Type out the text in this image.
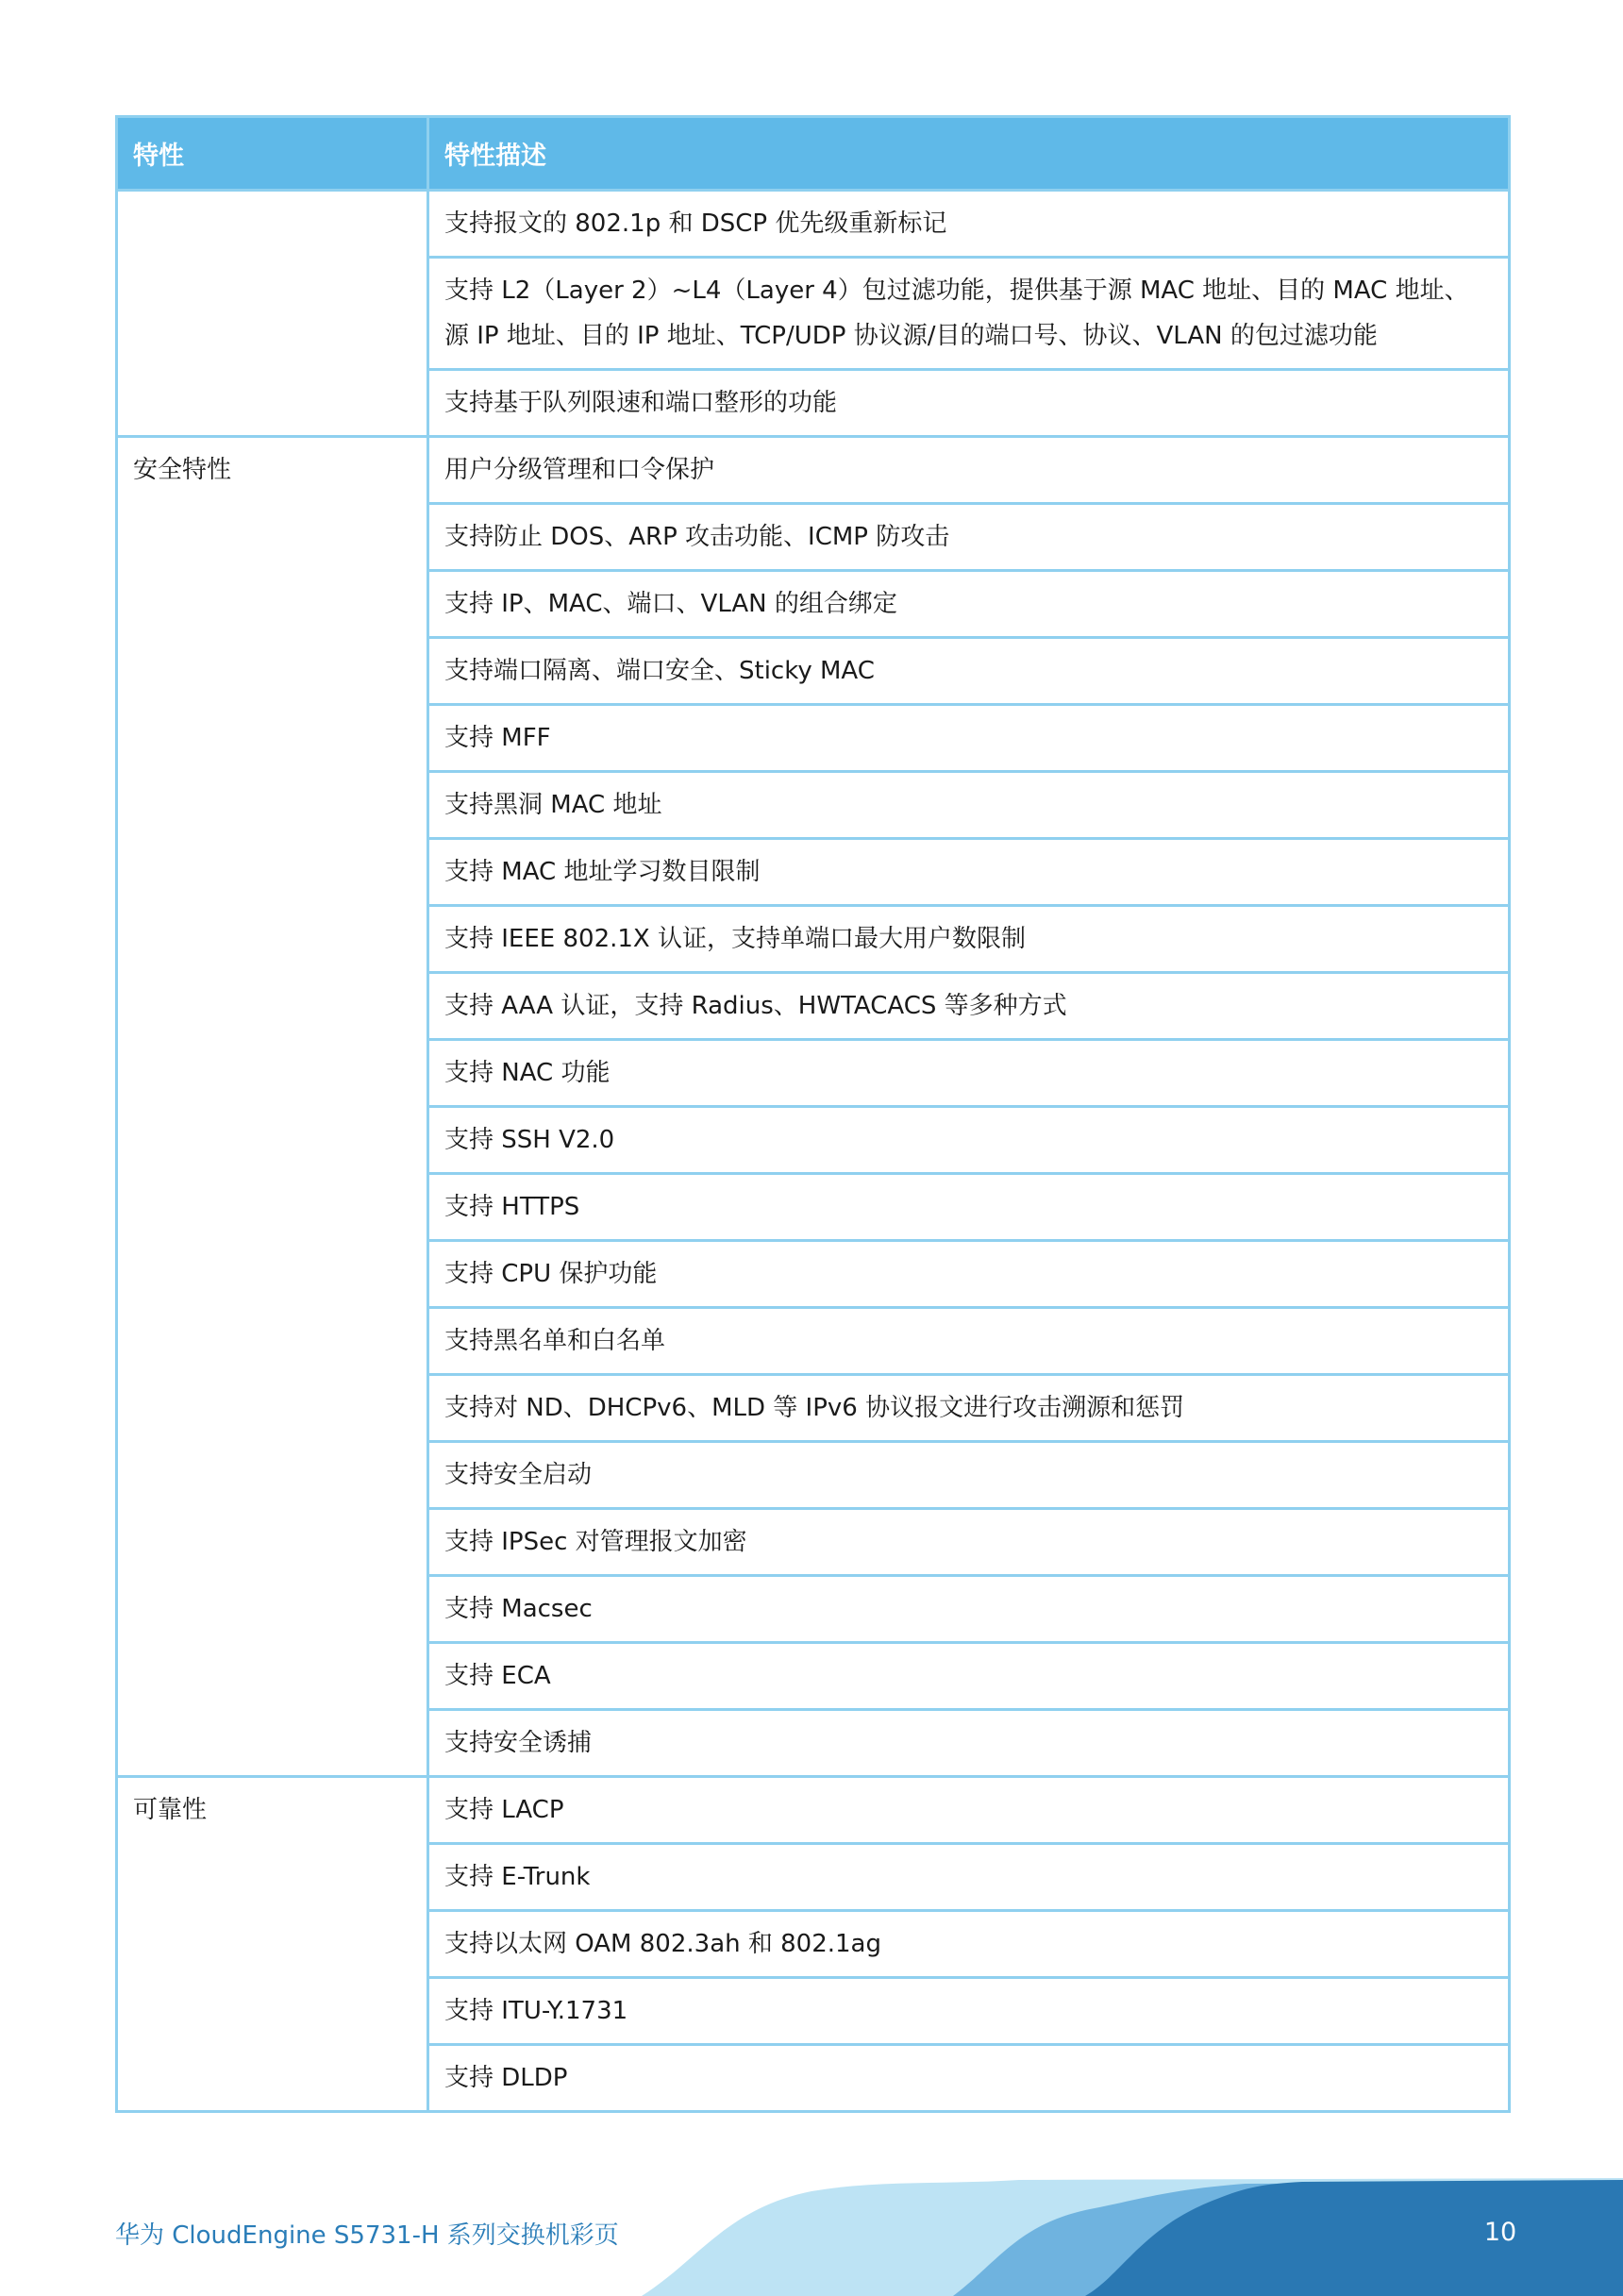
特性	特性描述
	支持报文的 802.1p 和 DSCP 优先级重新标记
	支持 L2（Layer 2）~L4（Layer 4）包过滤功能，提供基于源 MAC 地址、目的 MAC 地址、源 IP 地址、目的 IP 地址、TCP/UDP 协议源/目的端口号、协议、VLAN 的包过滤功能
	支持基于队列限速和端口整形的功能
安全特性	用户分级管理和口令保护
	支持防止 DOS、ARP 攻击功能、ICMP 防攻击
	支持 IP、MAC、端口、VLAN 的组合绑定
	支持端口隔离、端口安全、Sticky MAC
	支持 MFF
	支持黑洞 MAC 地址
	支持 MAC 地址学习数目限制
	支持 IEEE 802.1X 认证，支持单端口最大用户数限制
	支持 AAA 认证，支持 Radius、HWTACACS 等多种方式
	支持 NAC 功能
	支持 SSH V2.0
	支持 HTTPS
	支持 CPU 保护功能
	支持黑名单和白名单
	支持对 ND、DHCPv6、MLD 等 IPv6 协议报文进行攻击溯源和惩罚
	支持安全启动
	支持 IPSec 对管理报文加密
	支持 Macsec
	支持 ECA
	支持安全诱捕
可靠性	支持 LACP
	支持 E-Trunk
	支持以太网 OAM 802.3ah 和 802.1ag
	支持 ITU-Y.1731
	支持 DLDP
华为 CloudEngine S5731-H 系列交换机彩页	10
